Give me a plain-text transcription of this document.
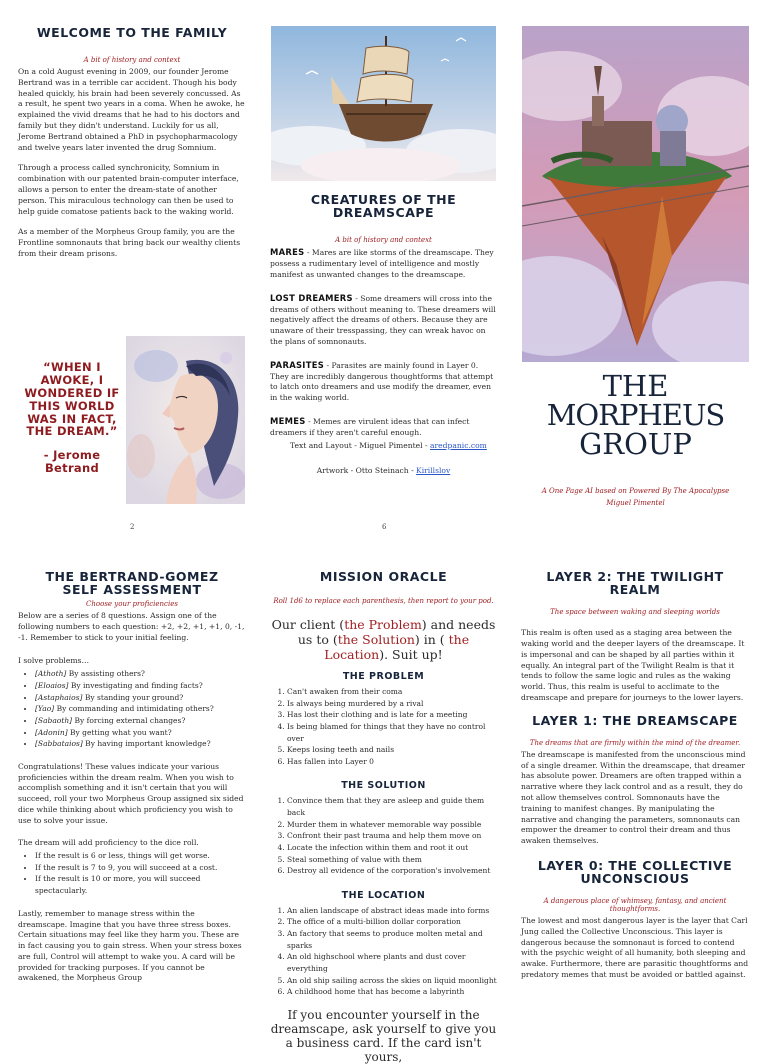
WELCOME TO THE FAMILY
A bit of history and context

On a cold August evening in 2009, our founder Jerome Bertrand was in a terrible car accident. Though his body healed quickly, his brain had been severely concussed. As a result, he spent two years in a coma. When he awoke, he explained the vivid dreams that he had to his doctors and family but they didn't understand. Luckily for us all, Jerome Bertrand obtained a PhD in psychopharmacology and twelve years later invented the drug Somnium.

Through a process called synchronicity, Somnium in combination with our patented brain-computer interface, allows a person to enter the dream-state of another person. This miraculous technology can then be used to help guide comatose patients back to the waking world.

As a member of the Morpheus Group family, you are the Frontline somnonauts that bring back our wealthy clients from their dream prisons.

“WHEN I AWOKE, I WONDERED IF THIS WORLD WAS IN FACT, THE DREAM.”
- Jerome Betrand
2
CREATURES OF THE DREAMSCAPE
A bit of history and context

MARES - Mares are like storms of the dreamscape. They possess a rudimentary level of intelligence and mostly manifest as unwanted changes to the dreamscape.

LOST DREAMERS - Some dreamers will cross into the dreams of others without meaning to. These dreamers will negatively affect the dreams of others. Because they are unaware of their tresspassing, they can wreak havoc on the plans of somnonauts.

PARASITES - Parasites are mainly found in Layer 0. They are incredibly dangerous thoughtforms that attempt to latch onto dreamers and use modify the dreamer, even in the waking world.

MEMES - Memes are virulent ideas that can infect dreamers if they aren't careful enough.

Text and Layout - Miguel Pimentel - aredpanic.com

Artwork - Otto Steinach - Kirillslov

6
THE
MORPHEUS
GROUP
A One Page AI based on Powered By The Apocalypse
Miguel Pimentel
THE BERTRAND-GOMEZ SELF ASSESSMENT
Choose your proficiencies

Below are a series of 8 questions. Assign one of the following numbers to each question: +2, +2, +1, +1, 0, -1, -1. Remember to stick to your initial feeling.

I solve problems…

• [Athoth] By assisting others?
• [Eloaios] By investigating and finding facts?
• [Astaphaios] By standing your ground?
• [Yao] By commanding and intimidating others?
• [Sabaoth] By forcing external changes?
• [Adonin] By getting what you want?
• [Sabbataios] By having important knowledge?

Congratulations! These values indicate your various proficiencies within the dream realm. When you wish to accomplish something and it isn't certain that you will succeed, roll your two Morpheus Group assigned six sided dice while thinking about which proficiency you wish to use to solve your issue.

The dream will add proficiency to the dice roll.

• If the result is 6 or less, things will get worse.
• If the result is 7 to 9, you will succeed at a cost.
• If the result is 10 or more, you will succeed spectacularly.

Lastly, remember to manage stress within the dreamscape. Imagine that you have three stress boxes. Certain situations may feel like they harm you. These are in fact causing you to gain stress. When your stress boxes are full, Control will attempt to wake you. A card will be provided for tracking purposes. If you cannot be awakened, the Morpheus Group

MISSION ORACLE
Roll 1d6 to replace each parenthesis, then report to your pod.

Our client (the Problem) and needs us to (the Solution) in ( the Location). Suit up!

THE PROBLEM
1. Can't awaken from their coma
2. Is always being murdered by a rival
3. Has lost their clothing and is late for a meeting
4. Is being blamed for things that they have no control over
5. Keeps losing teeth and nails
6. Has fallen into Layer 0
THE SOLUTION
1. Convince them that they are asleep and guide them back
2. Murder them in whatever memorable way possible
3. Confront their past trauma and help them move on
4. Locate the infection within them and root it out
5. Steal something of value with them
6. Destroy all evidence of the corporation's involvement
THE LOCATION
1. An alien landscape of abstract ideas made into forms
2. The office of a multi-billion dollar corporation
3. An factory that seems to produce molten metal and sparks
4. An old highschool where plants and dust cover everything
5. An old ship sailing across the skies on liquid moonlight
6. A childhood home that has become a labyrinth

If you encounter yourself in the dreamscape, ask yourself to give you a business card. If the card isn't yours,

LAYER 2: THE TWILIGHT REALM
The space between waking and sleeping worlds

This realm is often used as a staging area between the waking world and the deeper layers of the dreamscape. It is impersonal and can be shaped by all parties within it equally. An integral part of the Twilight Realm is that it tends to follow the same logic and rules as the waking world. Thus, this realm is useful to acclimate to the dreamscape and prepare for journeys to the lower layers.

LAYER 1: THE DREAMSCAPE
The dreams that are firmly within the mind of the dreamer.

The dreamscape is manifested from the unconscious mind of a single dreamer. Within the dreamscape, that dreamer has absolute power. Dreamers are often trapped within a narrative where they lack control and as a result, they do not allow themselves control. Somnonauts have the training to manifest changes. By manipulating the narrative and changing the parameters, somnonauts can empower the dreamer to control their dream and thus awaken themselves.

LAYER 0: THE COLLECTIVE UNCONSCIOUS
A dangerous place of whimsey, fantasy, and ancient thoughtforms.

The lowest and most dangerous layer is the layer that Carl Jung called the Collective Unconscious. This layer is dangerous because the somnonaut is forced to contend with the psychic weight of all humanity, both sleeping and awake. Furthermore, there are parasitic thoughtforms and predatory memes that must be avoided or battled against.
